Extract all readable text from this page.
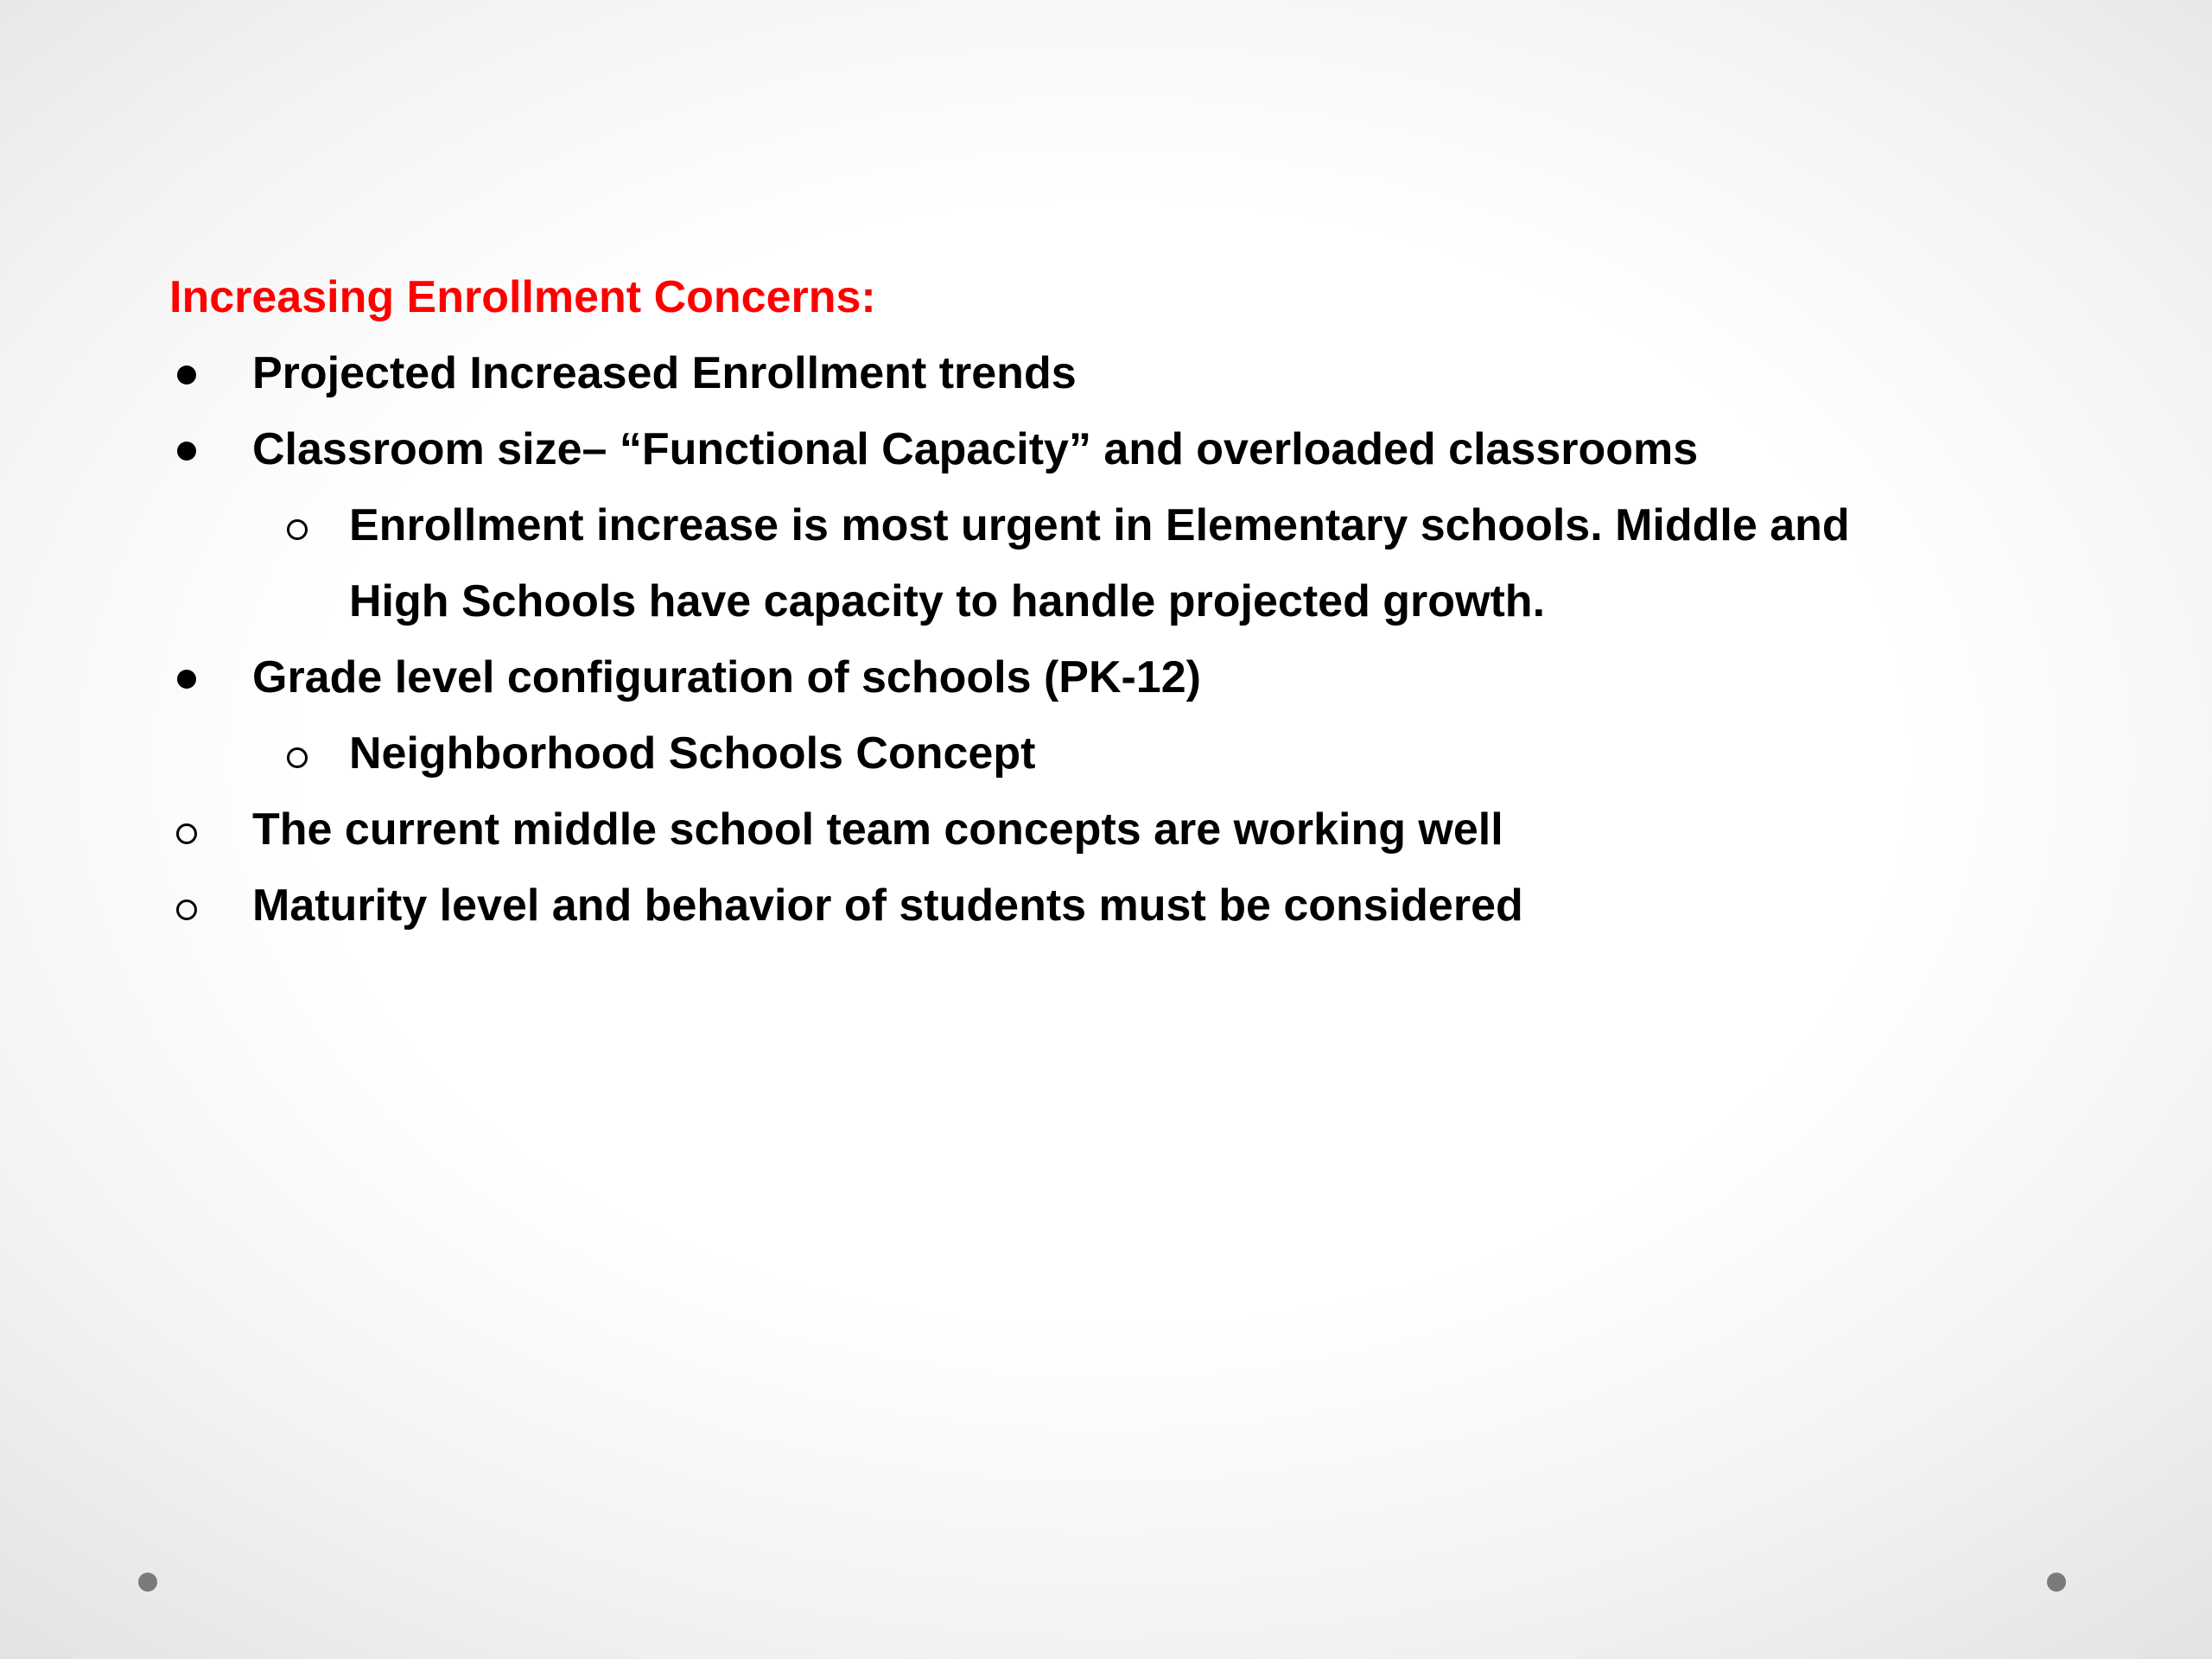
Increasing Enrollment Concerns:
Projected Increased Enrollment trends
Classroom size– “Functional Capacity” and overloaded classrooms
Enrollment increase is most urgent in Elementary schools. Middle and
High Schools have capacity to handle projected growth.
Grade level configuration of schools (PK-12)
Neighborhood Schools Concept
The current middle school team concepts are working well
Maturity level and behavior of students must be considered
